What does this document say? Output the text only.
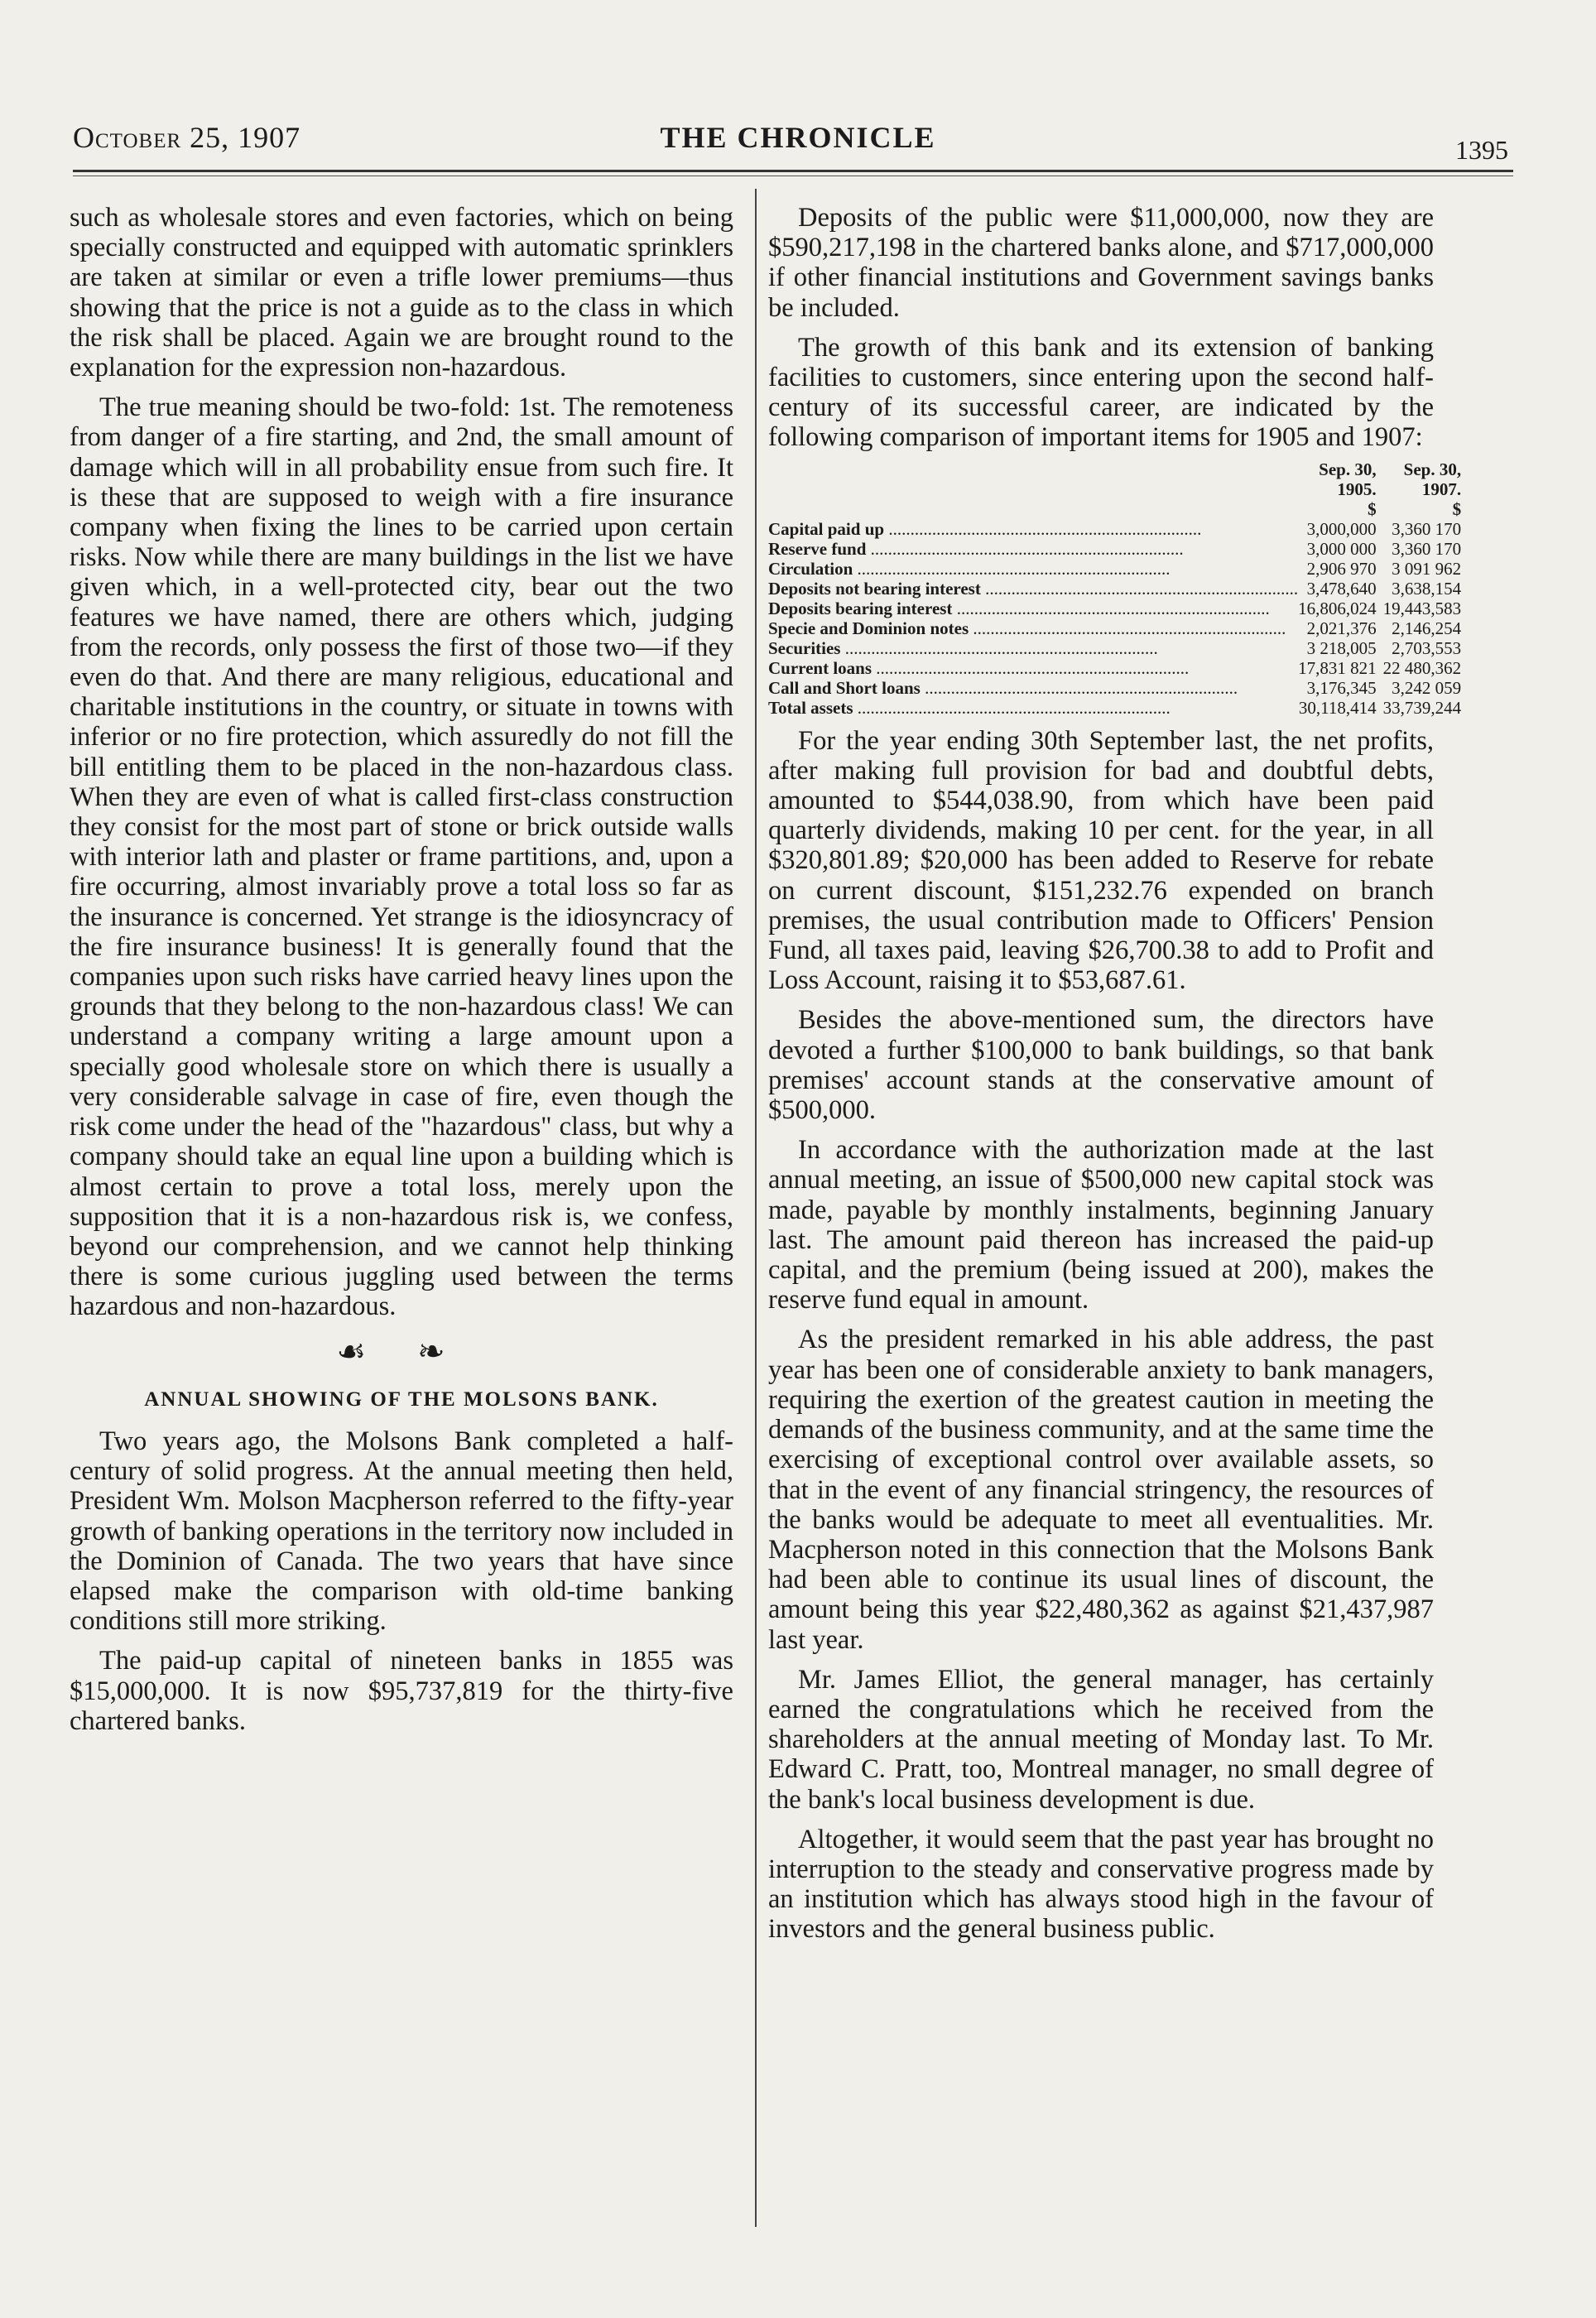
October 25, 1907	THE CHRONICLE	1395

such as wholesale stores and even factories, which on being specially constructed and equipped with automatic sprinklers are taken at similar or even a trifle lower premiums—thus showing that the price is not a guide as to the class in which the risk shall be placed. Again we are brought round to the explanation for the expression non-hazardous.

The true meaning should be two-fold: 1st. The remoteness from danger of a fire starting, and 2nd, the small amount of damage which will in all probability ensue from such fire. It is these that are supposed to weigh with a fire insurance company when fixing the lines to be carried upon certain risks. Now while there are many buildings in the list we have given which, in a well-protected city, bear out the two features we have named, there are others which, judging from the records, only possess the first of those two—if they even do that. And there are many religious, educational and charitable institutions in the country, or situate in towns with inferior or no fire protection, which assuredly do not fill the bill entitling them to be placed in the non-hazardous class. When they are even of what is called first-class construction they consist for the most part of stone or brick outside walls with interior lath and plaster or frame partitions, and, upon a fire occurring, almost invariably prove a total loss so far as the insurance is concerned. Yet strange is the idiosyncracy of the fire insurance business! It is generally found that the companies upon such risks have carried heavy lines upon the grounds that they belong to the non-hazardous class! We can understand a company writing a large amount upon a specially good wholesale store on which there is usually a very considerable salvage in case of fire, even though the risk come under the head of the "hazardous" class, but why a company should take an equal line upon a building which is almost certain to prove a total loss, merely upon the supposition that it is a non-hazardous risk is, we confess, beyond our comprehension, and we cannot help thinking there is some curious juggling used between the terms hazardous and non-hazardous.

☙ ❧
ANNUAL SHOWING OF THE MOLSONS BANK.

Two years ago, the Molsons Bank completed a half-century of solid progress. At the annual meeting then held, President Wm. Molson Macpherson referred to the fifty-year growth of banking operations in the territory now included in the Dominion of Canada. The two years that have since elapsed make the comparison with old-time banking conditions still more striking.

The paid-up capital of nineteen banks in 1855 was $15,000,000. It is now $95,737,819 for the thirty-five chartered banks.

Deposits of the public were $11,000,000, now they are $590,217,198 in the chartered banks alone, and $717,000,000 if other financial institutions and Government savings banks be included.

The growth of this bank and its extension of banking facilities to customers, since entering upon the second half-century of its successful career, are indicated by the following comparison of important items for 1905 and 1907:

	Sep. 30,	Sep. 30,
	1905.	1907.
	$	$

Capital paid up .....	3,000,000	3,360 170

Reserve fund .....	3,000 000	3,360 170

Circulation .....	2,906 970	3 091 962

Deposits not bearing interest .....	3,478,640	3,638,154

Deposits bearing interest .....	16,806,024	19,443,583

Specie and Dominion notes .....	2,021,376	2,146,254

Securities .....	3 218,005	2,703,553

Current loans .....	17,831 821	22 480,362

Call and Short loans .....	3,176,345	3,242 059

Total assets .....	30,118,414	33,739,244

For the year ending 30th September last, the net profits, after making full provision for bad and doubtful debts, amounted to $544,038.90, from which have been paid quarterly dividends, making 10 per cent. for the year, in all $320,801.89; $20,000 has been added to Reserve for rebate on current discount, $151,232.76 expended on branch premises, the usual contribution made to Officers' Pension Fund, all taxes paid, leaving $26,700.38 to add to Profit and Loss Account, raising it to $53,687.61.

Besides the above-mentioned sum, the directors have devoted a further $100,000 to bank buildings, so that bank premises' account stands at the conservative amount of $500,000.

In accordance with the authorization made at the last annual meeting, an issue of $500,000 new capital stock was made, payable by monthly instalments, beginning January last. The amount paid thereon has increased the paid-up capital, and the premium (being issued at 200), makes the reserve fund equal in amount.

As the president remarked in his able address, the past year has been one of considerable anxiety to bank managers, requiring the exertion of the greatest caution in meeting the demands of the business community, and at the same time the exercising of exceptional control over available assets, so that in the event of any financial stringency, the resources of the banks would be adequate to meet all eventualities. Mr. Macpherson noted in this connection that the Molsons Bank had been able to continue its usual lines of discount, the amount being this year $22,480,362 as against $21,437,987 last year.

Mr. James Elliot, the general manager, has certainly earned the congratulations which he received from the shareholders at the annual meeting of Monday last. To Mr. Edward C. Pratt, too, Montreal manager, no small degree of the bank's local business development is due.

Altogether, it would seem that the past year has brought no interruption to the steady and conservative progress made by an institution which has always stood high in the favour of investors and the general business public.
